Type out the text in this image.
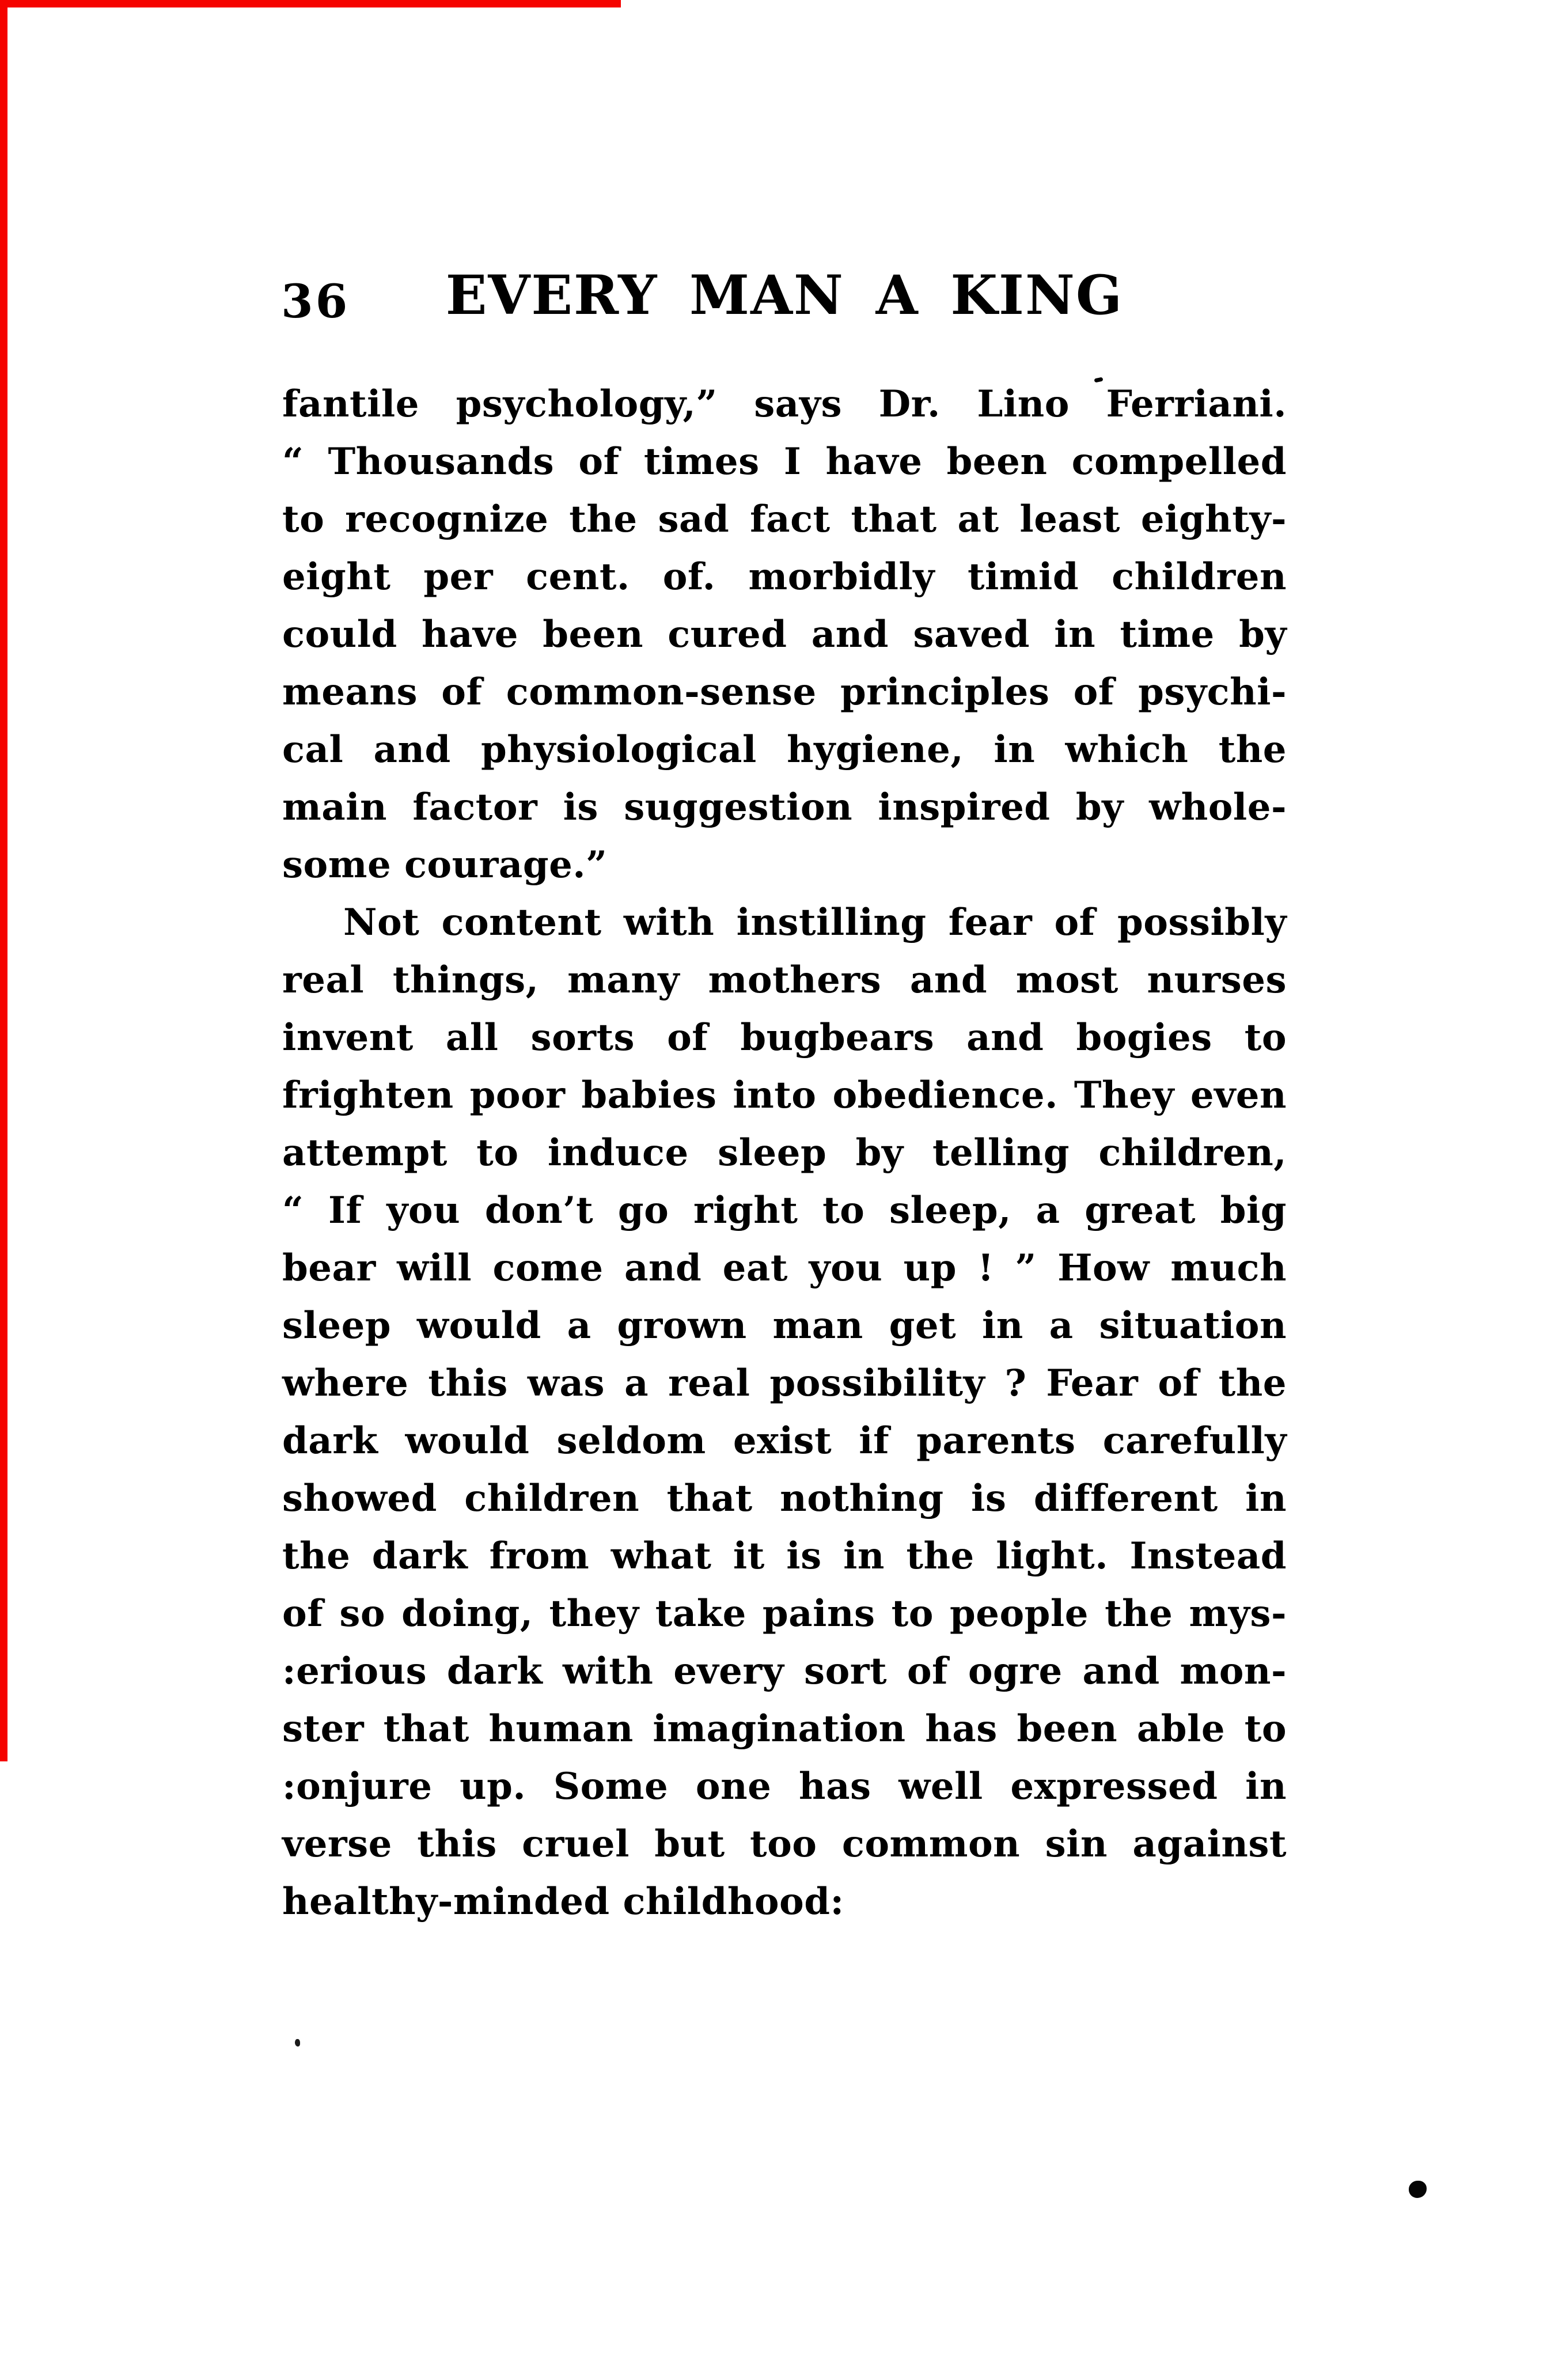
36	EVERY MAN A KING
fantile psychology,” says Dr. Lino Ferriani.
“ Thousands of times I have been compelled
to recognize the sad fact that at least eighty-
eight per cent. of. morbidly timid children
could have been cured and saved in time by
means of common-sense principles of psychi-
cal and physiological hygiene, in which the
main factor is suggestion inspired by whole-
some courage.”
Not content with instilling fear of possibly
real things, many mothers and most nurses
invent all sorts of bugbears and bogies to
frighten poor babies into obedience. They even
attempt to induce sleep by telling children,
“ If you don’t go right to sleep, a great big
bear will come and eat you up ! ” How much
sleep would a grown man get in a situation
where this was a real possibility ? Fear of the
dark would seldom exist if parents carefully
showed children that nothing is different in
the dark from what it is in the light. Instead
of so doing, they take pains to people the mys-
:erious dark with every sort of ogre and mon-
ster that human imagination has been able to
:onjure up. Some one has well expressed in
verse this cruel but too common sin against
healthy-minded childhood:
